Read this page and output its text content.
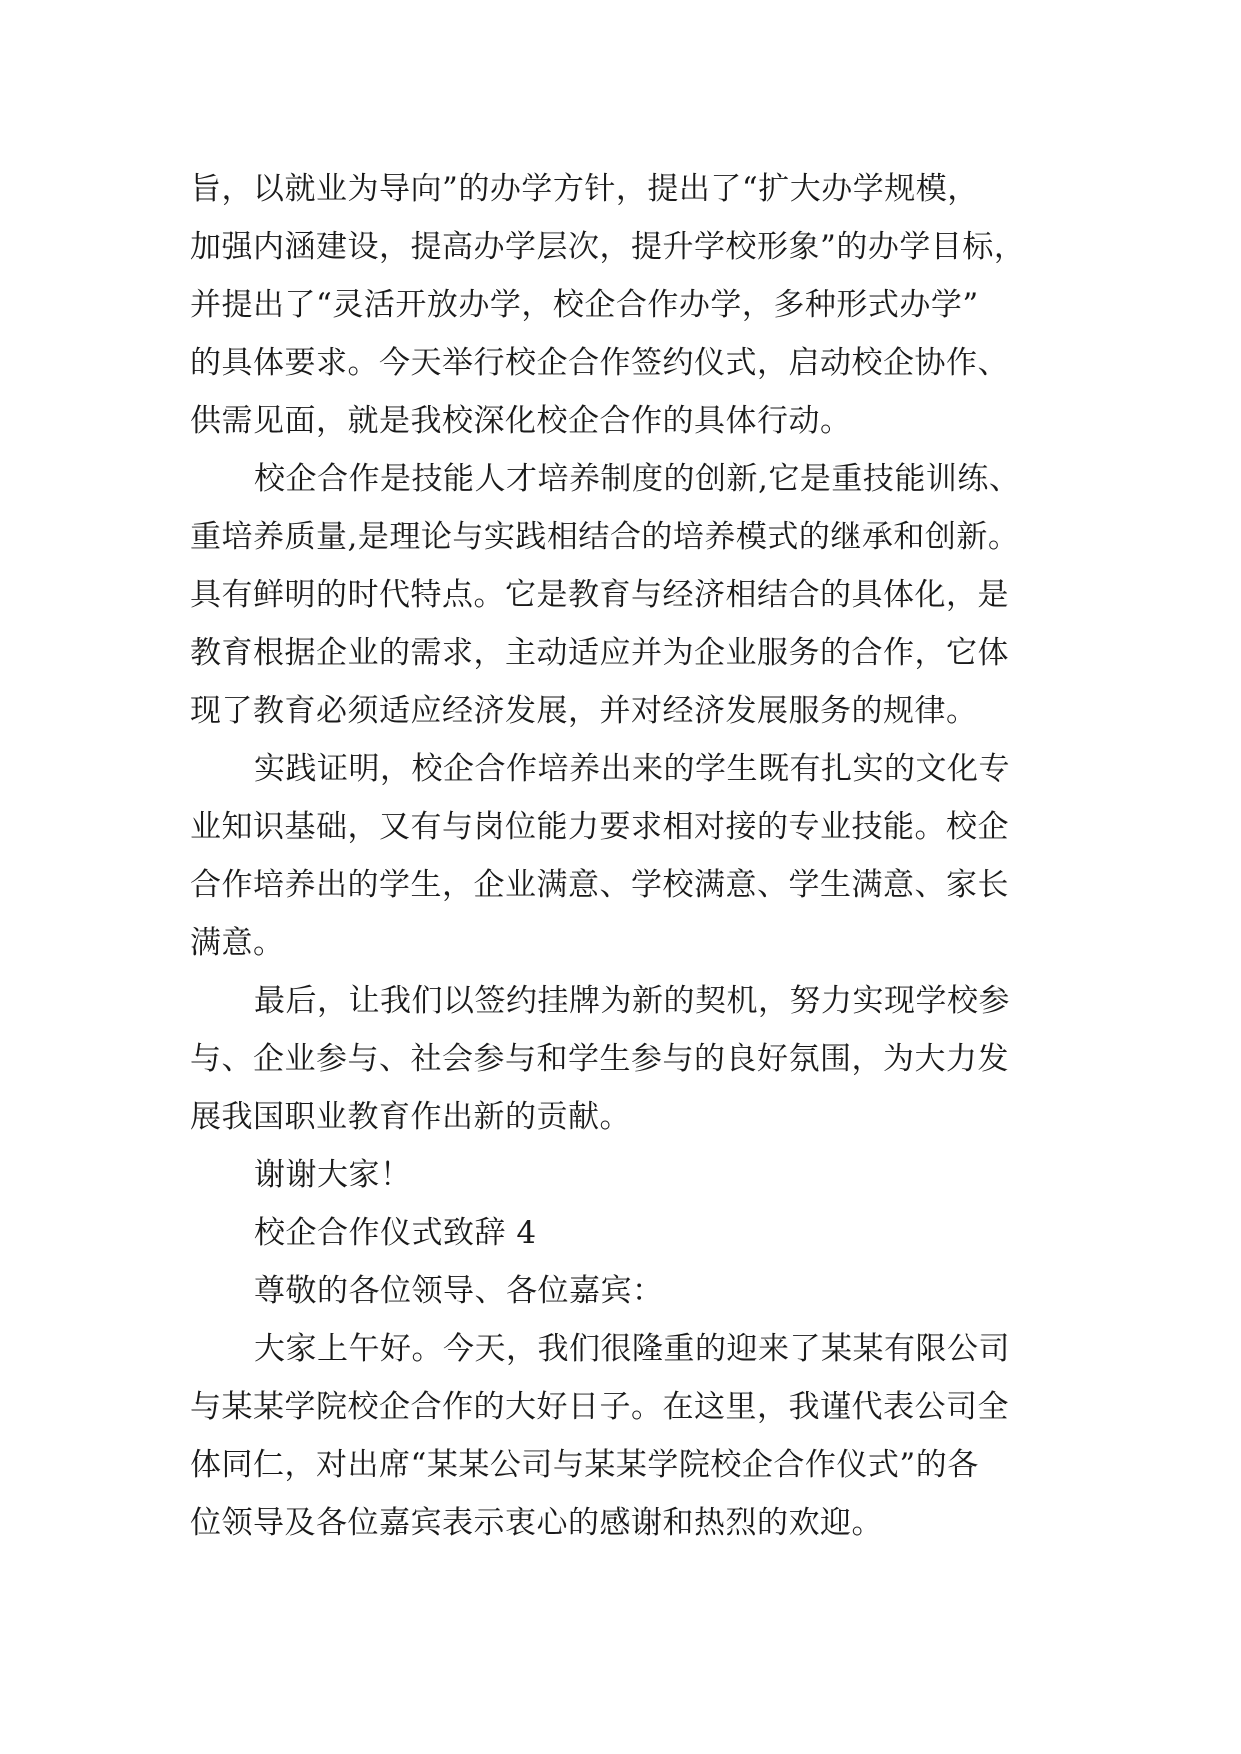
旨，以就业为导向”的办学方针，提出了“扩大办学规模，
加强内涵建设，提高办学层次，提升学校形象”的办学目标，
并提出了“灵活开放办学，校企合作办学，多种形式办学”
的具体要求。今天举行校企合作签约仪式，启动校企协作、
供需见面，就是我校深化校企合作的具体行动。
校企合作是技能人才培养制度的创新,它是重技能训练、
重培养质量,是理论与实践相结合的培养模式的继承和创新。
具有鲜明的时代特点。它是教育与经济相结合的具体化，是
教育根据企业的需求，主动适应并为企业服务的合作，它体
现了教育必须适应经济发展，并对经济发展服务的规律。
实践证明，校企合作培养出来的学生既有扎实的文化专
业知识基础，又有与岗位能力要求相对接的专业技能。校企
合作培养出的学生，企业满意、学校满意、学生满意、家长
满意。
最后，让我们以签约挂牌为新的契机，努力实现学校参
与、企业参与、社会参与和学生参与的良好氛围，为大力发
展我国职业教育作出新的贡献。
谢谢大家！
校企合作仪式致辞 4
尊敬的各位领导、各位嘉宾：
大家上午好。今天，我们很隆重的迎来了某某有限公司
与某某学院校企合作的大好日子。在这里，我谨代表公司全
体同仁，对出席“某某公司与某某学院校企合作仪式”的各
位领导及各位嘉宾表示衷心的感谢和热烈的欢迎。
